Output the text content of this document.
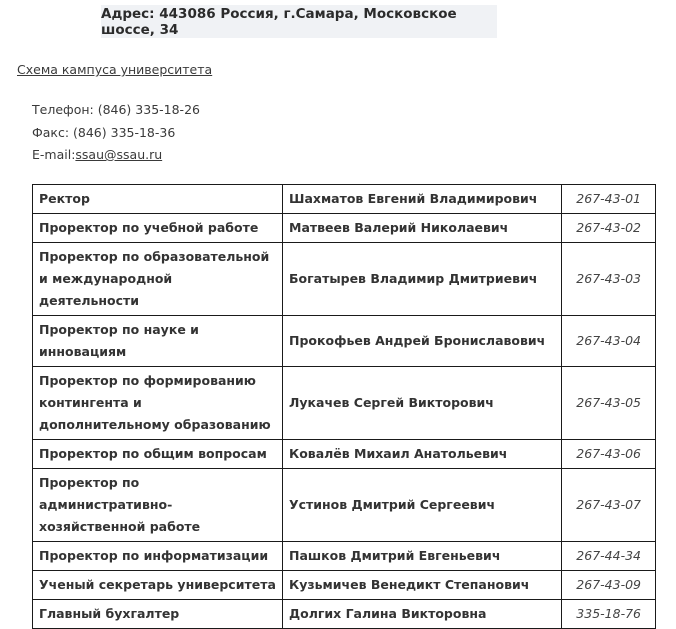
Адрес: 443086 Россия, г.Самара, Московское шоссе, 34
Схема кампуса университета
Телефон: (846) 335-18-26
Факс: (846) 335-18-36
E-mail:ssau@ssau.ru
Ректор	Шахматов Евгений Владимирович	267-43-01
Проректор по учебной работе	Матвеев Валерий Николаевич	267-43-02
Проректор по образовательной и международной деятельности	Богатырев Владимир Дмитриевич	267-43-03
Проректор по науке и инновациям	Прокофьев Андрей Брониславович	267-43-04
Проректор по формированию контингента и дополнительному образованию	Лукачев Сергей Викторович	267-43-05
Проректор по общим вопросам	Ковалёв Михаил Анатольевич	267-43-06
Проректор по административно-хозяйственной работе	Устинов Дмитрий Сергеевич	267-43-07
Проректор по информатизации	Пашков Дмитрий Евгеньевич	267-44-34
Ученый секретарь университета	Кузьмичев Венедикт Степанович	267-43-09
Главный бухгалтер	Долгих Галина Викторовна	335-18-76
